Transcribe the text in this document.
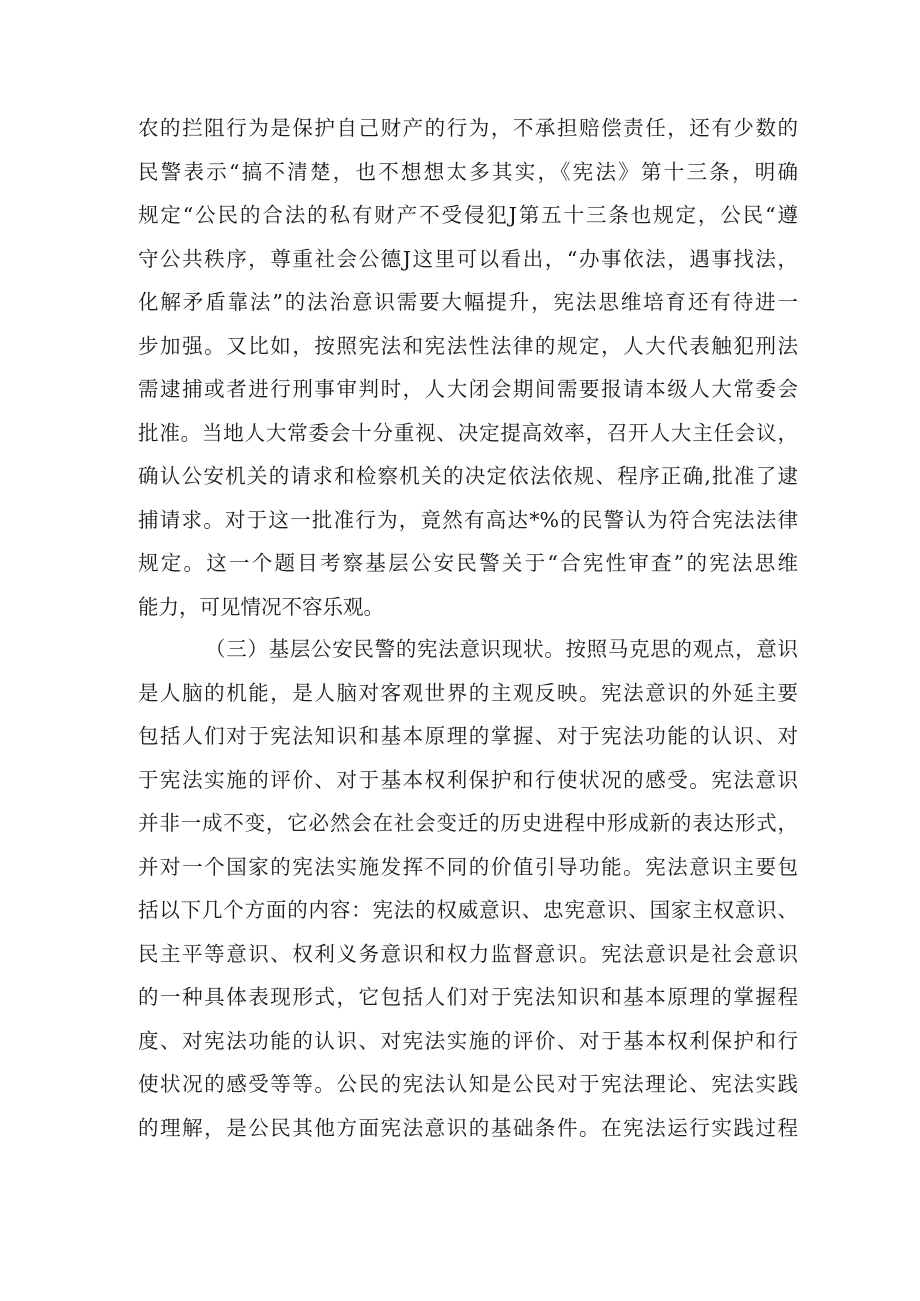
农的拦阻行为是保护自己财产的行为，不承担赔偿责任，还有少数的
民警表示“搞不清楚，也不想想太多其实，《宪法》第十三条，明确
规定“公民的合法的私有财产不受侵犯J第五十三条也规定，公民“遵
守公共秩序，尊重社会公德J这里可以看出，“办事依法，遇事找法，
化解矛盾靠法”的法治意识需要大幅提升，宪法思维培育还有待进一
步加强。又比如，按照宪法和宪法性法律的规定，人大代表触犯刑法
需逮捕或者进行刑事审判时，人大闭会期间需要报请本级人大常委会
批准。当地人大常委会十分重视、决定提高效率，召开人大主任会议，
确认公安机关的请求和检察机关的决定依法依规、程序正确,批准了逮
捕请求。对于这一批准行为，竟然有高达*%的民警认为符合宪法法律
规定。这一个题目考察基层公安民警关于“合宪性审査”的宪法思维
能力，可见情况不容乐观。
（三）基层公安民警的宪法意识现状。按照马克思的观点，意识
是人脑的机能，是人脑对客观世界的主观反映。宪法意识的外延主要
包括人们对于宪法知识和基本原理的掌握、对于宪法功能的认识、对
于宪法实施的评价、对于基本权利保护和行使状况的感受。宪法意识
并非一成不变，它必然会在社会变迁的历史进程中形成新的表达形式，
并对一个国家的宪法实施发挥不同的价值引导功能。宪法意识主要包
括以下几个方面的内容：宪法的权威意识、忠宪意识、国家主权意识、
民主平等意识、权利义务意识和权力监督意识。宪法意识是社会意识
的一种具体表现形式，它包括人们对于宪法知识和基本原理的掌握程
度、对宪法功能的认识、对宪法实施的评价、对于基本权利保护和行
使状况的感受等等。公民的宪法认知是公民对于宪法理论、宪法实践
的理解，是公民其他方面宪法意识的基础条件。在宪法运行实践过程
